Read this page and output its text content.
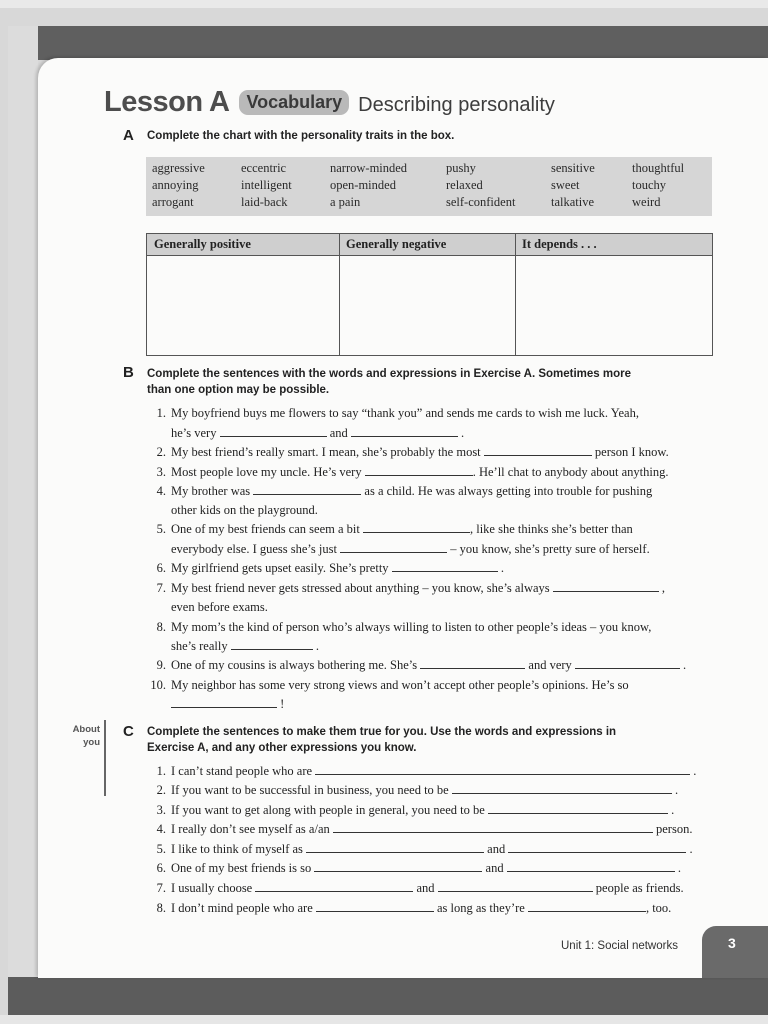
Lesson A Vocabulary Describing personality
A Complete the chart with the personality traits in the box.
aggressive	eccentric	narrow-minded	pushy	sensitive	thoughtful
annoying	intelligent	open-minded	relaxed	sweet	touchy
arrogant	laid-back	a pain	self-confident	talkative	weird
Generally positive	Generally negative	It depends . . .
B Complete the sentences with the words and expressions in Exercise A. Sometimes more
than one option may be possible.
1. My boyfriend buys me flowers to say “thank you” and sends me cards to wish me luck. Yeah,
he’s very	and	.
2. My best friend’s really smart. I mean, she’s probably the most	person I know.
3. Most people love my uncle. He’s very	. He’ll chat to anybody about anything.
4. My brother was	as a child. He was always getting into trouble for pushing
other kids on the playground.
5. One of my best friends can seem a bit	, like she thinks she’s better than
everybody else. I guess she’s just	– you know, she’s pretty sure of herself.
6. My girlfriend gets upset easily. She’s pretty	.
7. My best friend never gets stressed about anything – you know, she’s always	,
even before exams.
8. My mom’s the kind of person who’s always willing to listen to other people’s ideas – you know,
she’s really	.
9. One of my cousins is always bothering me. She’s	and very	.
10. My neighbor has some very strong views and won’t accept other people’s opinions. He’s so
!
About
you
C Complete the sentences to make them true for you. Use the words and expressions in
Exercise A, and any other expressions you know.
1. I can’t stand people who are	.
2. If you want to be successful in business, you need to be	.
3. If you want to get along with people in general, you need to be	.
4. I really don’t see myself as a/an	person.
5. I like to think of myself as	and	.
6. One of my best friends is so	and	.
7. I usually choose	and	people as friends.
8. I don’t mind people who are	as long as they’re	, too.
Unit 1: Social networks	3
